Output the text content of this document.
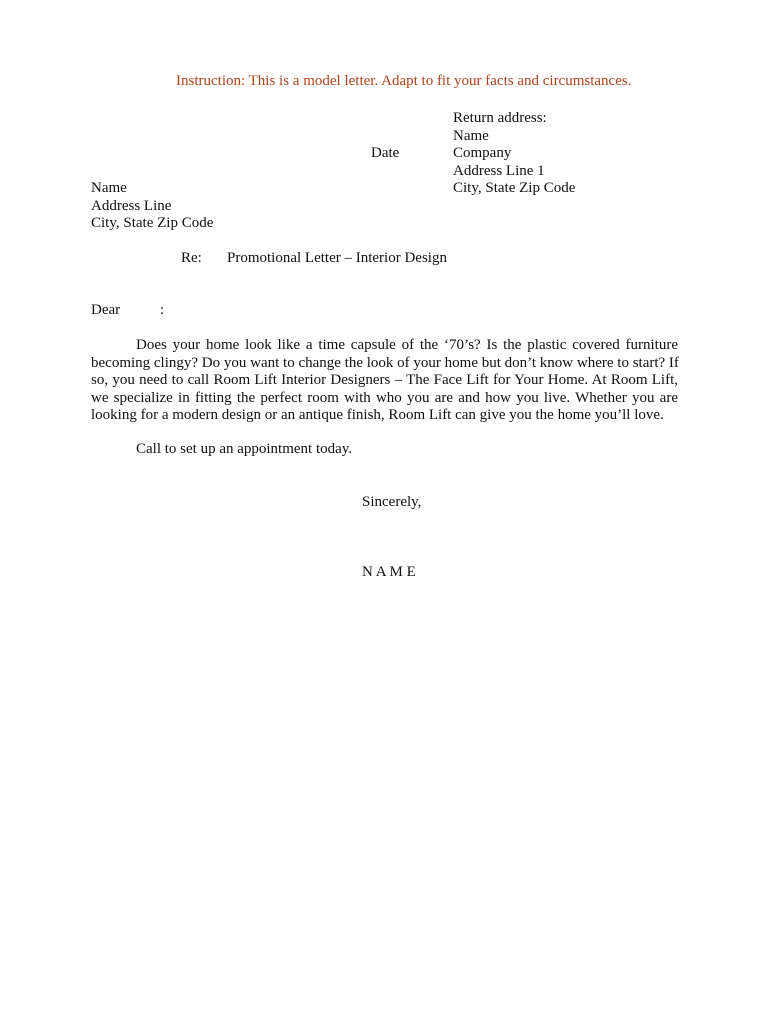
Instruction: This is a model letter. Adapt to fit your facts and circumstances.
Return address:
Name
Company
Address Line 1
City, State Zip Code
Date
Name
Address Line
City, State Zip Code
Re: Promotional Letter – Interior Design
Dear	:
Does your home look like a time capsule of the ‘70’s? Is the plastic covered furniture
becoming clingy? Do you want to change the look of your home but don’t know where to start? If
so, you need to call Room Lift Interior Designers – The Face Lift for Your Home. At Room Lift,
we specialize in fitting the perfect room with who you are and how you live. Whether you are
looking for a modern design or an antique finish, Room Lift can give you the home you’ll love.
Call to set up an appointment today.
Sincerely,
N A M E
